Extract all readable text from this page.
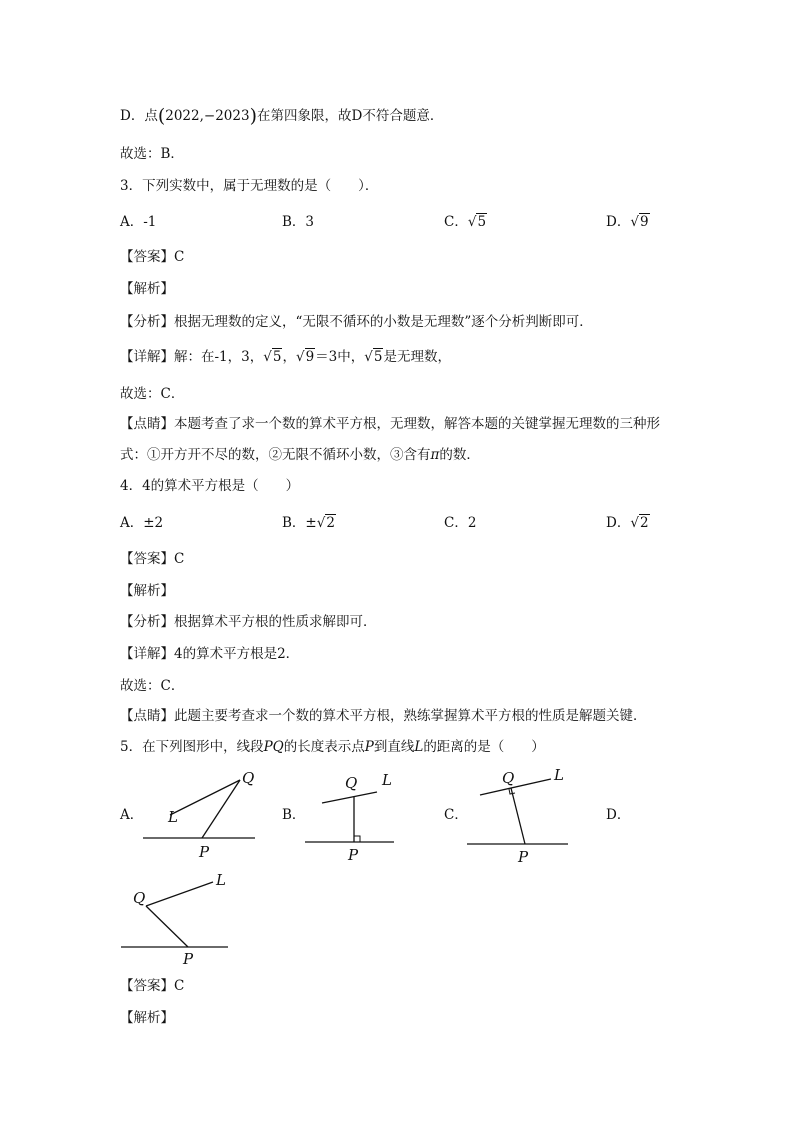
D．点(2022,−2023)在第四象限，故D不符合题意．
故选：B．
3．下列实数中，属于无理数的是（　　）．
A．-1	B．3	C．√5	D．√9
【答案】C
【解析】
【分析】根据无理数的定义，“无限不循环的小数是无理数”逐个分析判断即可．
【详解】解：在-1，3，√5，√9＝3中，√5是无理数，
故选：C．
【点睛】本题考查了求一个数的算术平方根，无理数，解答本题的关键掌握无理数的三种形
式：①开方开不尽的数，②无限不循环小数，③含有π的数．
4．4的算术平方根是（　　）
A．±2	B．±√2	C．2	D．√2
【答案】C
【解析】
【分析】根据算术平方根的性质求解即可．
【详解】4的算术平方根是2．
故选：C．
【点睛】此题主要考查求一个数的算术平方根，熟练掌握算术平方根的性质是解题关键．
5．在下列图形中，线段PQ的长度表示点P到直线L的距离的是（　　）
A．	B．	C．	D．
Q
L
P
Q L
P
Q	L
P
Q
L
P
【答案】C
【解析】
